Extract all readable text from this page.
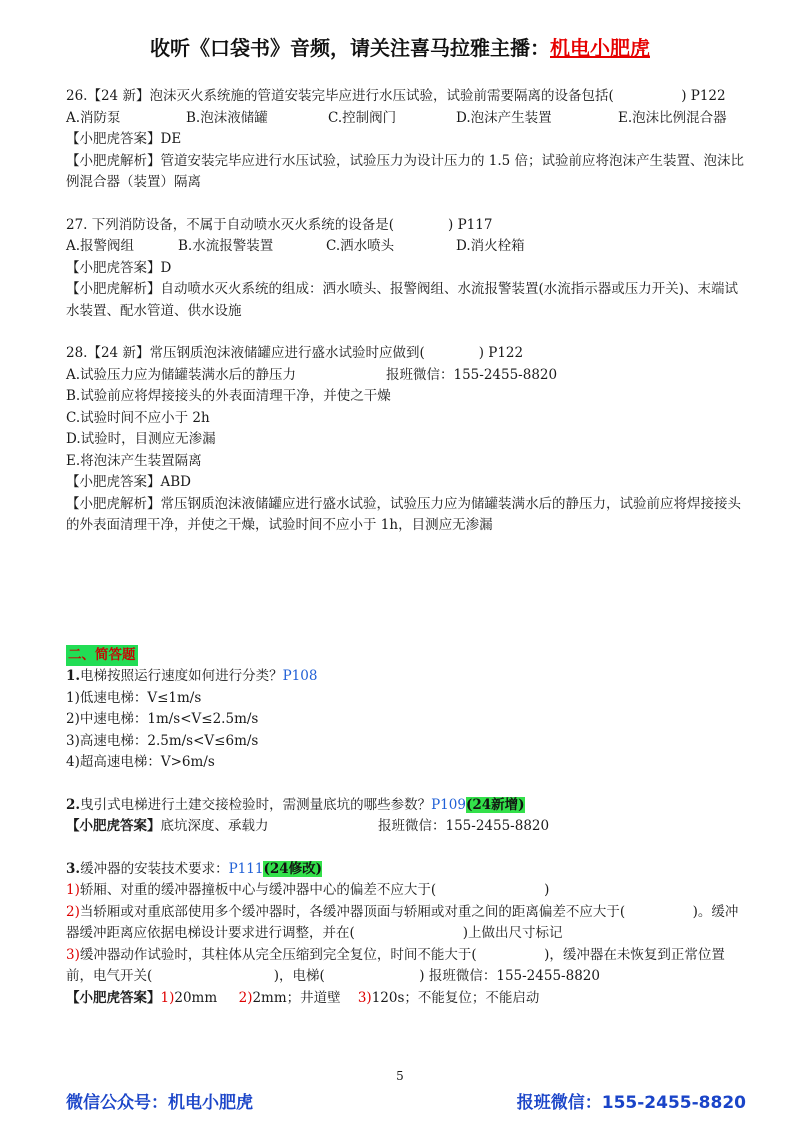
收听《口袋书》音频，请关注喜马拉雅主播：机电小肥虎
26.【24 新】泡沫灭火系统施的管道安装完毕应进行水压试验，试验前需要隔离的设备包括(　　　　　) P122
A.消防泵	B.泡沫液储罐	C.控制阀门	D.泡沫产生装置	E.泡沫比例混合器
【小肥虎答案】DE
【小肥虎解析】管道安装完毕应进行水压试验，试验压力为设计压力的 1.5 倍；试验前应将泡沫产生装置、泡沫比例混合器（装置）隔离
27. 下列消防设备，不属于自动喷水灭火系统的设备是(　　　　) P117
A.报警阀组	B.水流报警装置	C.洒水喷头	D.消火栓箱
【小肥虎答案】D
【小肥虎解析】自动喷水灭火系统的组成：洒水喷头、报警阀组、水流报警装置(水流指示器或压力开关)、末端试水装置、配水管道、供水设施
28.【24 新】常压钢质泡沫液储罐应进行盛水试验时应做到(　　　　) P122
A.试验压力应为储罐装满水后的静压力	报班微信：155-2455-8820
B.试验前应将焊接接头的外表面清理干净，并使之干燥
C.试验时间不应小于 2h
D.试验时，目测应无渗漏
E.将泡沫产生装置隔离
【小肥虎答案】ABD
【小肥虎解析】常压钢质泡沫液储罐应进行盛水试验，试验压力应为储罐装满水后的静压力，试验前应将焊接接头的外表面清理干净，并使之干燥，试验时间不应小于 1h，目测应无渗漏
二、简答题
1.电梯按照运行速度如何进行分类？P108
1)低速电梯：V≤1m/s
2)中速电梯：1m/s<V≤2.5m/s
3)高速电梯：2.5m/s<V≤6m/s
4)超高速电梯：V>6m/s
2.曳引式电梯进行土建交接检验时，需测量底坑的哪些参数？P109(24新增)
【小肥虎答案】底坑深度、承载力	报班微信：155-2455-8820
3.缓冲器的安装技术要求：P111(24修改)
1)轿厢、对重的缓冲器撞板中心与缓冲器中心的偏差不应大于(　　　　　　　　)
2)当轿厢或对重底部使用多个缓冲器时，各缓冲器顶面与轿厢或对重之间的距离偏差不应大于(　　　　　)。缓冲器缓冲距离应依据电梯设计要求进行调整，并在(　　　　　　　　)上做出尺寸标记
3)缓冲器动作试验时，其柱体从完全压缩到完全复位，时间不能大于(　　　　　)，缓冲器在未恢复到正常位置前，电气开关(　　　　　　　　　)，电梯(　　　　　　　) 报班微信：155-2455-8820
【小肥虎答案】1)20mm 2)2mm；井道壁 3)120s；不能复位；不能启动
5
微信公众号：机电小肥虎	报班微信：155-2455-8820
